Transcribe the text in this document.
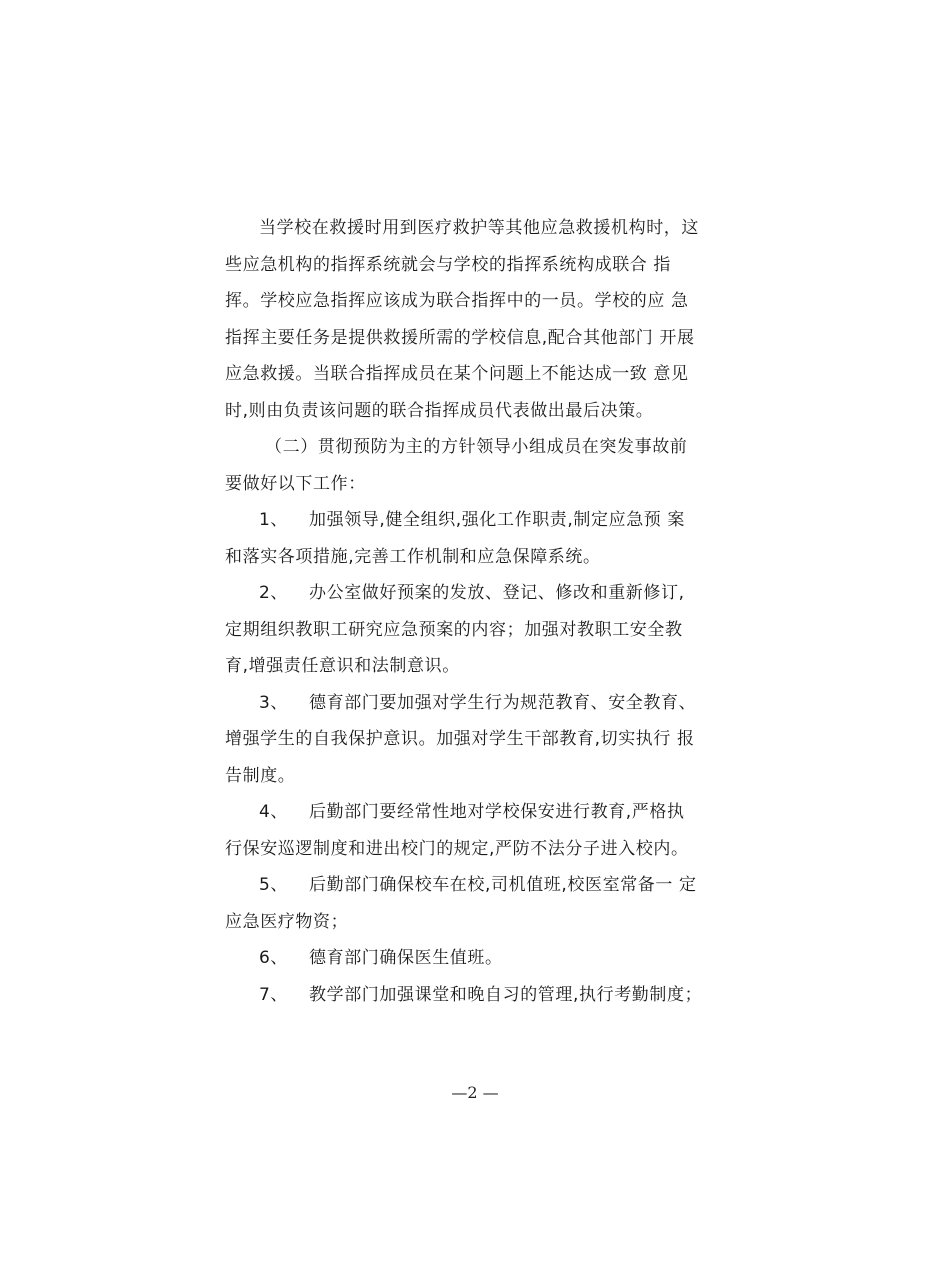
当学校在救援时用到医疗救护等其他应急救援机构时，这
些应急机构的指挥系统就会与学校的指挥系统构成联合 指
挥。学校应急指挥应该成为联合指挥中的一员。学校的应 急
指挥主要任务是提供救援所需的学校信息,配合其他部门 开展
应急救援。当联合指挥成员在某个问题上不能达成一致 意见
时,则由负责该问题的联合指挥成员代表做出最后决策。
（二）贯彻预防为主的方针领导小组成员在突发事故前
要做好以下工作：
1、 加强领导,健全组织,强化工作职责,制定应急预 案
和落实各项措施,完善工作机制和应急保障系统。
2、 办公室做好预案的发放、登记、修改和重新修订,
定期组织教职工研究应急预案的内容；加强对教职工安全教
育,增强责任意识和法制意识。
3、 德育部门要加强对学生行为规范教育、安全教育、
增强学生的自我保护意识。加强对学生干部教育,切实执行 报
告制度。
4、 后勤部门要经常性地对学校保安进行教育,严格执
行保安巡逻制度和进出校门的规定,严防不法分子进入校内。
5、 后勤部门确保校车在校,司机值班,校医室常备一 定
应急医疗物资；
6、 德育部门确保医生值班。
7、 教学部门加强课堂和晚自习的管理,执行考勤制度；
—2 —
